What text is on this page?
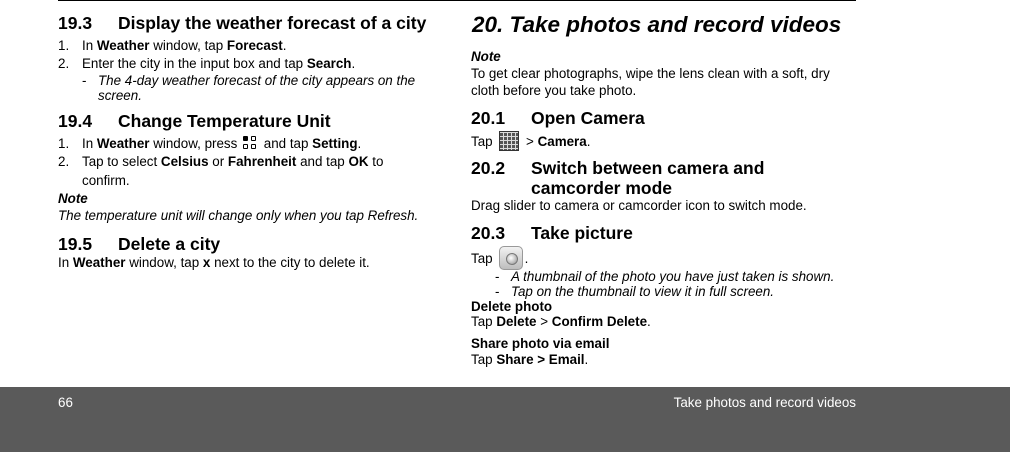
19.3 Display the weather forecast of a city
1. In Weather window, tap Forecast.
2. Enter the city in the input box and tap Search.
- The 4-day weather forecast of the city appears on the screen.
19.4 Change Temperature Unit
1. In Weather window, press
and tap Setting.
2. Tap to select Celsius or Fahrenheit and tap OK to
confirm.
Note
The temperature unit will change only when you tap Refresh.
19.5 Delete a city
In Weather window, tap x next to the city to delete it.
20. Take photos and record videos
Note
To get clear photographs, wipe the lens clean with a soft, dry
cloth before you take photo.
20.1 Open Camera
Tap  > Camera.
20.2 Switch between camera and
camcorder mode
Drag slider to camera or camcorder icon to switch mode.
20.3 Take picture
Tap .
- A thumbnail of the photo you have just taken is shown.
- Tap on the thumbnail to view it in full screen.
Delete photo
Tap Delete > Confirm Delete.
Share photo via email
Tap Share > Email.
66	Take photos and record videos
